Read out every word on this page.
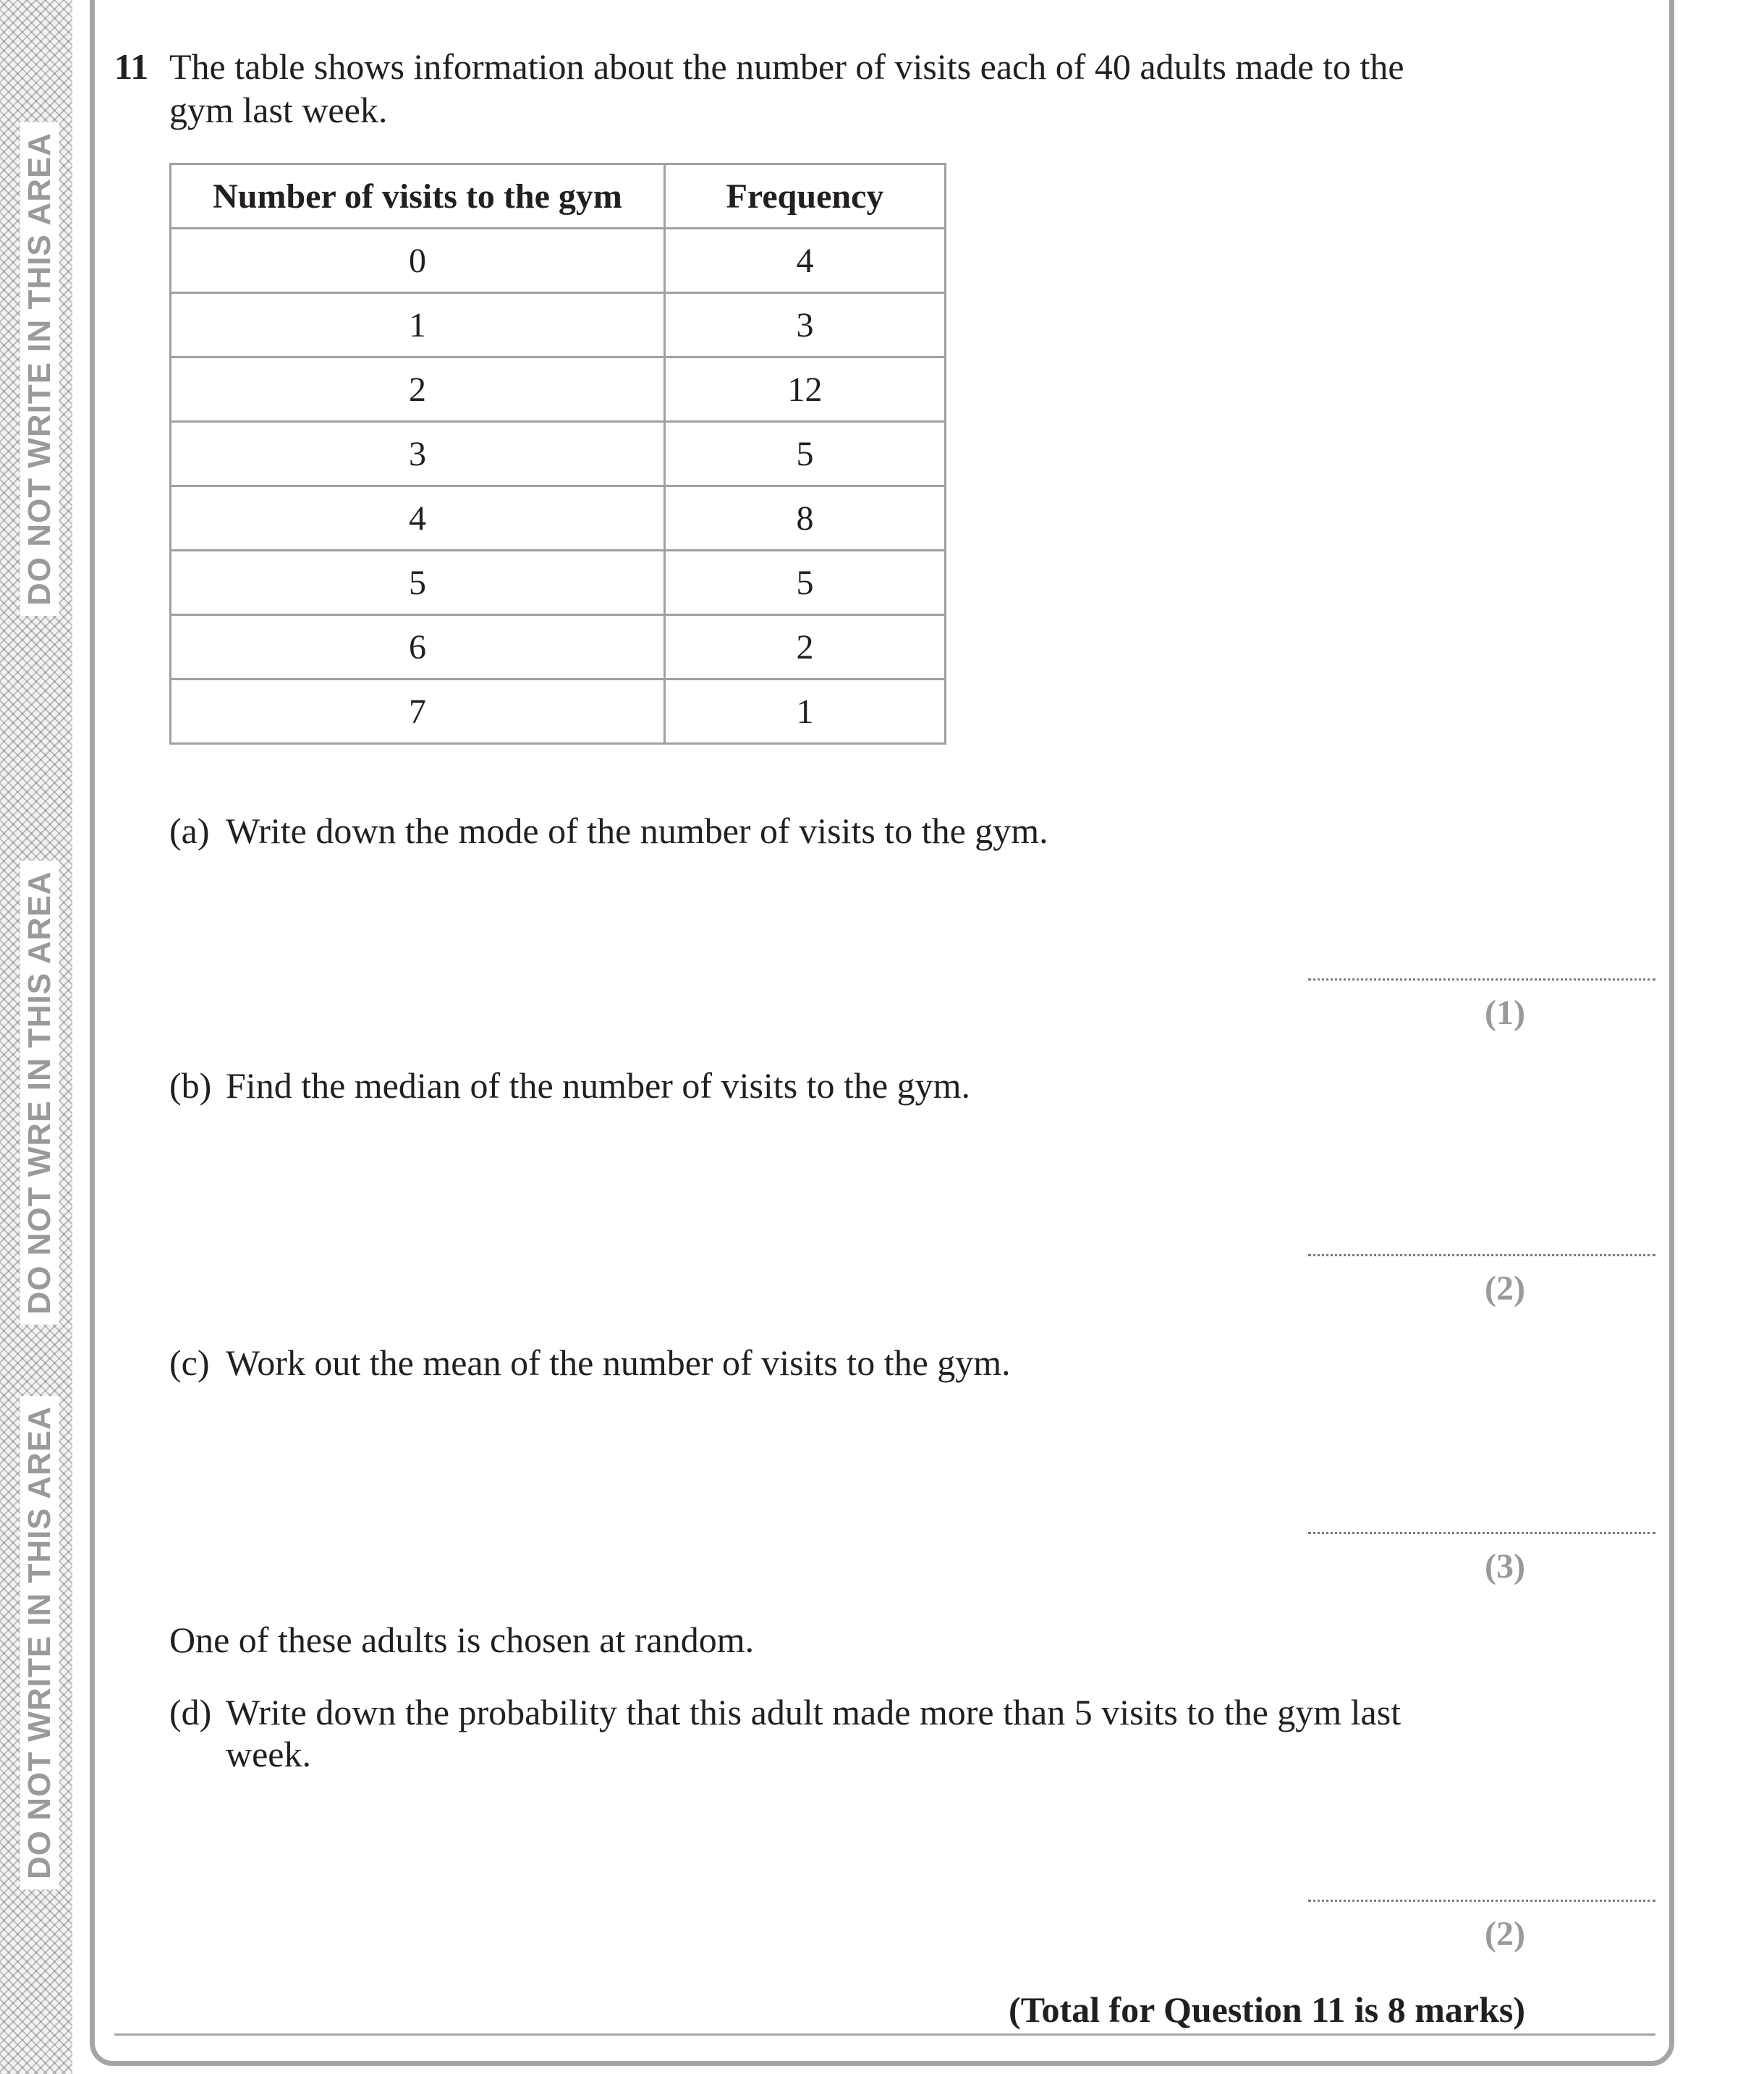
DO NOT WRITE IN THIS AREA
DO NOT WRE IN THIS AREA
DO NOT WRITE IN THIS AREA
11 The table shows information about the number of visits each of 40 adults made to the
gym last week.
Number of visits to the gym	Frequency
0	4
1	3
2	12
3	5
4	8
5	5
6	2
7	1
(a) Write down the mode of the number of visits to the gym.
(1)
(b) Find the median of the number of visits to the gym.
(2)
(c) Work out the mean of the number of visits to the gym.
(3)
One of these adults is chosen at random.
(d) Write down the probability that this adult made more than 5 visits to the gym last
week.
(2)
(Total for Question 11 is 8 marks)
